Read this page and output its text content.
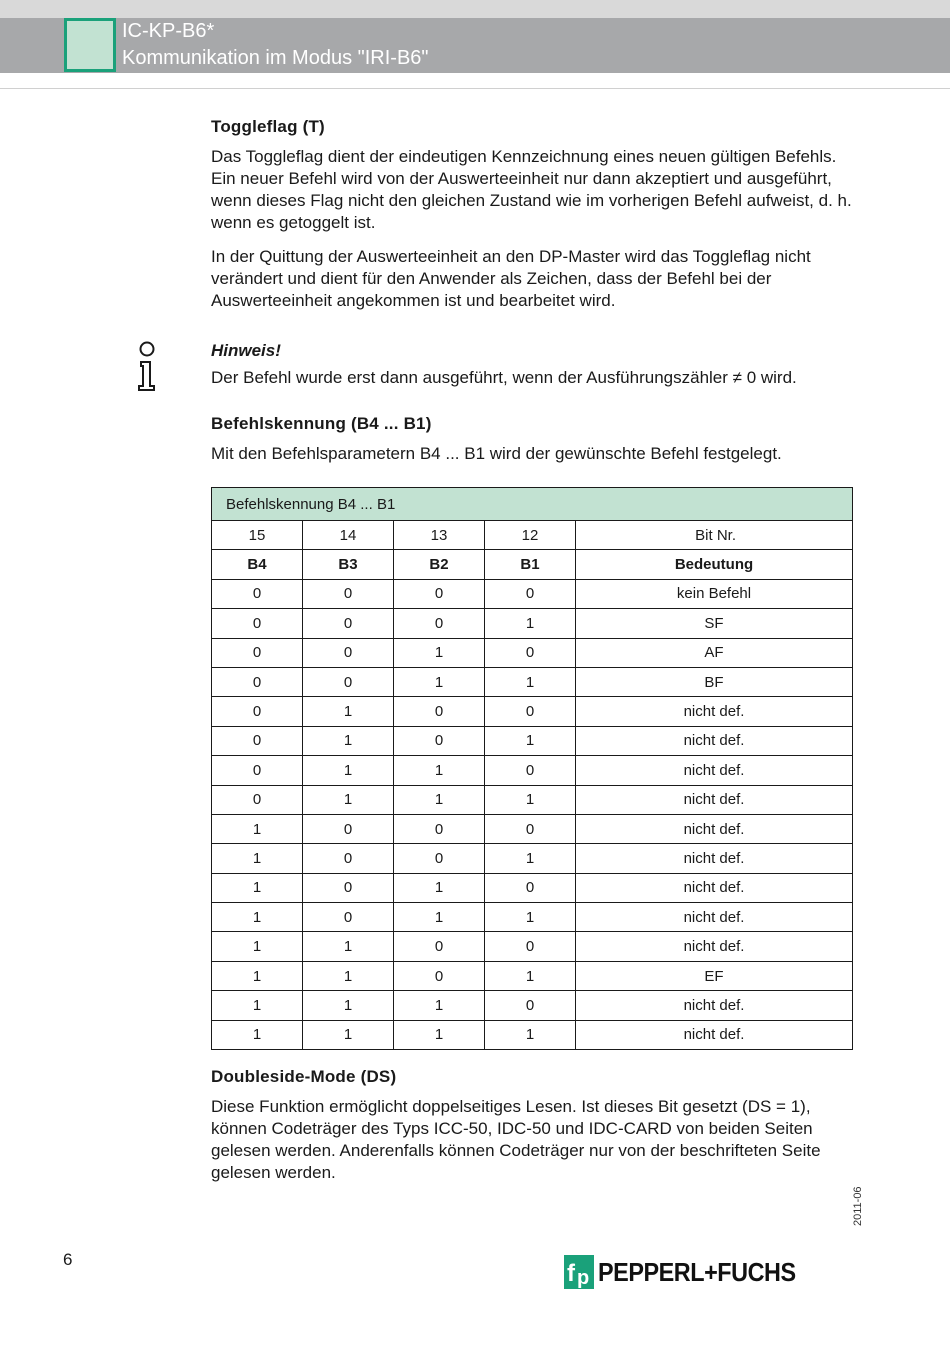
IC-KP-B6*
Kommunikation im Modus "IRI-B6"
Toggleflag (T)

Das Toggleflag dient der eindeutigen Kennzeichnung eines neuen gültigen Befehls. Ein neuer Befehl wird von der Auswerteeinheit nur dann akzeptiert und ausgeführt, wenn dieses Flag nicht den gleichen Zustand wie im vorherigen Befehl aufweist, d. h. wenn es getoggelt ist.

In der Quittung der Auswerteeinheit an den DP-Master wird das Toggleflag nicht verändert und dient für den Anwender als Zeichen, dass der Befehl bei der Auswerteeinheit angekommen ist und bearbeitet wird.

Hinweis!

Der Befehl wurde erst dann ausgeführt, wenn der Ausführungszähler ≠ 0 wird.

Befehlskennung (B4 ... B1)

Mit den Befehlsparametern B4 ... B1 wird der gewünschte Befehl festgelegt.

Befehlskennung B4 ... B1				
15	14	13	12	Bit Nr.
B4	B3	B2	B1	Bedeutung
0	0	0	0	kein Befehl
0	0	0	1	SF
0	0	1	0	AF
0	0	1	1	BF
0	1	0	0	nicht def.
0	1	0	1	nicht def.
0	1	1	0	nicht def.
0	1	1	1	nicht def.
1	0	0	0	nicht def.
1	0	0	1	nicht def.
1	0	1	0	nicht def.
1	0	1	1	nicht def.
1	1	0	0	nicht def.
1	1	0	1	EF
1	1	1	0	nicht def.
1	1	1	1	nicht def.
Doubleside-Mode (DS)

Diese Funktion ermöglicht doppelseitiges Lesen. Ist dieses Bit gesetzt (DS = 1), können Codeträger des Typs ICC-50, IDC-50 und IDC-CARD von beiden Seiten gelesen werden. Anderenfalls können Codeträger nur von der beschrifteten Seite gelesen werden.

2011-06
6
f p PEPPERL+FUCHS
